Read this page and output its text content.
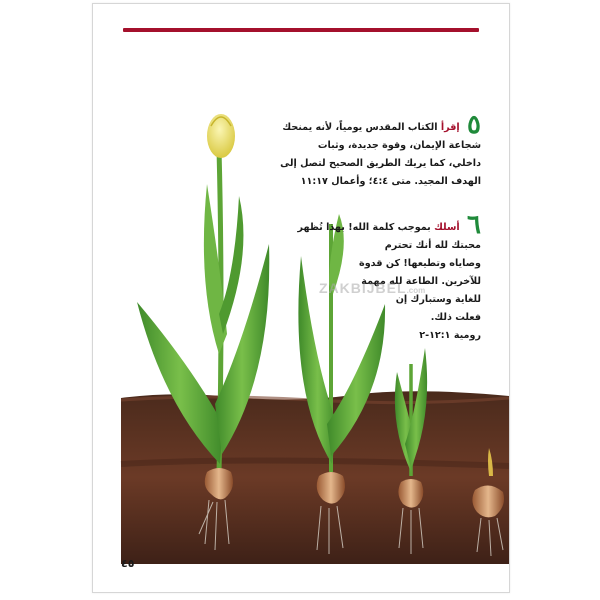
٥ إقرأ الكتاب المقدس يومياً، لأنه يمنحك
شجاعة الإيمان، وقوة جديدة، وثبات
داخلي، كما يريك الطريق الصحيح لتصل إلى
الهدف المجيد. متى ٤:٤؛ وأعمال ١١:١٧
٦ أسلك بموجب كلمة الله! بهذا تُظهر
محبتك لله أنك تحترم
وصاياه وتطيعها! كن قدوة
للآخرين. الطاعة لله مهمة
للغاية وستبارك إن
فعلت ذلك.
رومية ١٢:١-٢
ZAKBIJBEL.com
٤٥
